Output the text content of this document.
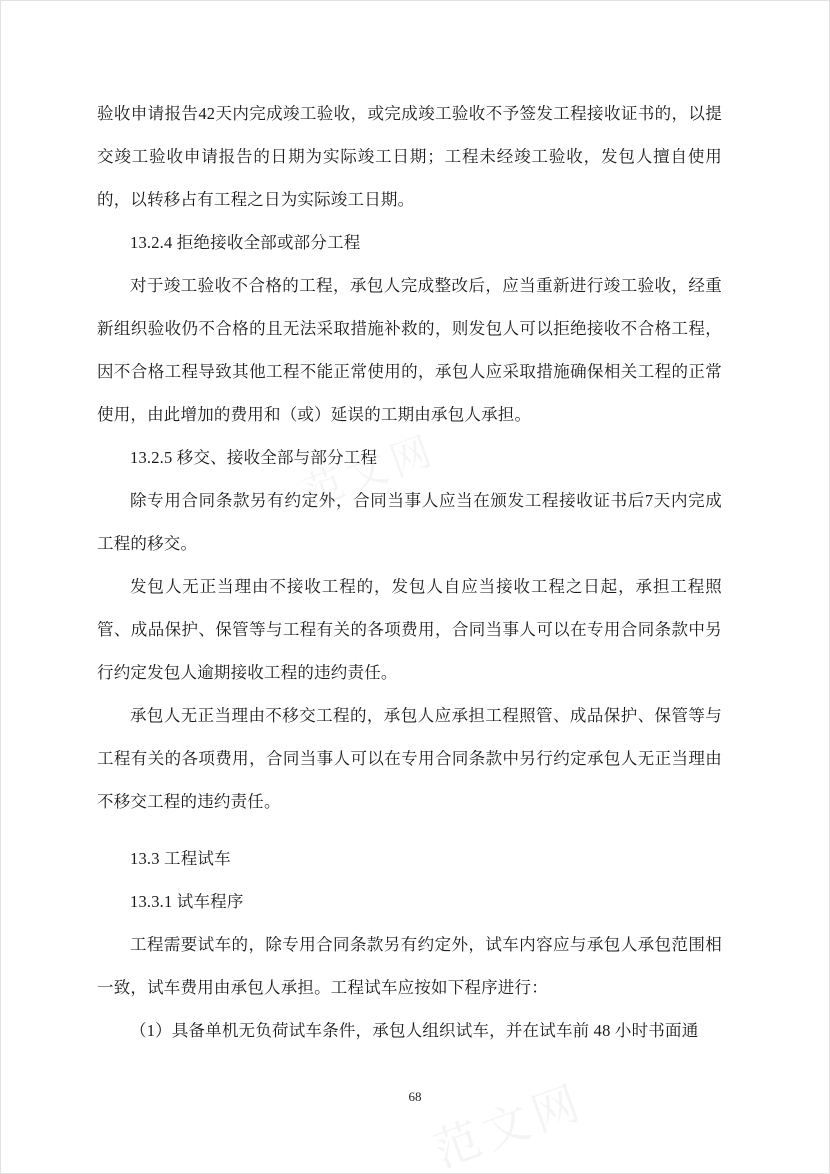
验收申请报告42天内完成竣工验收，或完成竣工验收不予签发工程接收证书的，以提交竣工验收申请报告的日期为实际竣工日期；工程未经竣工验收，发包人擅自使用的，以转移占有工程之日为实际竣工日期。

13.2.4 拒绝接收全部或部分工程

对于竣工验收不合格的工程，承包人完成整改后，应当重新进行竣工验收，经重新组织验收仍不合格的且无法采取措施补救的，则发包人可以拒绝接收不合格工程，因不合格工程导致其他工程不能正常使用的，承包人应采取措施确保相关工程的正常使用，由此增加的费用和（或）延误的工期由承包人承担。

13.2.5 移交、接收全部与部分工程

除专用合同条款另有约定外，合同当事人应当在颁发工程接收证书后7天内完成工程的移交。

发包人无正当理由不接收工程的，发包人自应当接收工程之日起，承担工程照管、成品保护、保管等与工程有关的各项费用，合同当事人可以在专用合同条款中另行约定发包人逾期接收工程的违约责任。

承包人无正当理由不移交工程的，承包人应承担工程照管、成品保护、保管等与工程有关的各项费用，合同当事人可以在专用合同条款中另行约定承包人无正当理由不移交工程的违约责任。

13.3 工程试车

13.3.1 试车程序

工程需要试车的，除专用合同条款另有约定外，试车内容应与承包人承包范围相一致，试车费用由承包人承担。工程试车应按如下程序进行：

（1）具备单机无负荷试车条件，承包人组织试车，并在试车前 48 小时书面通

68
